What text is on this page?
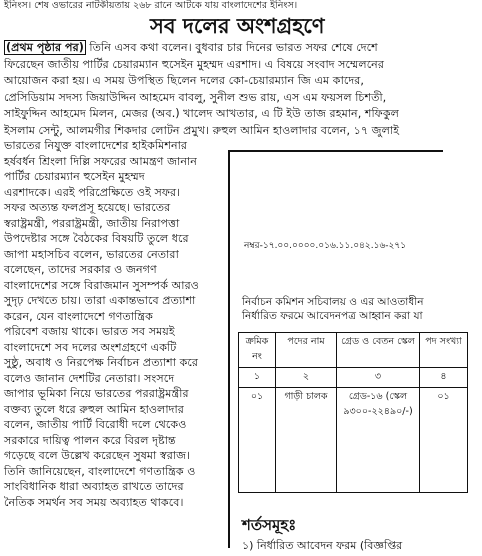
ইনিংস। শেষ ওভারের নাটকীয়তায় ২৬৮ রানে আটকে যায় বাংলাদেশের ইনিংস।
সব দলের অংশগ্রহণে
(প্রথম পৃষ্ঠার পর) তিনি এসব কথা বলেন। বুধবার চার দিনের ভারত সফর শেষে দেশে
ফিরেছেন জাতীয় পার্টির চেয়ারম্যান হুসেইন মুহম্মদ এরশাদ। এ বিষয়ে সংবাদ সম্মেলনের
আয়োজন করা হয়। এ সময় উপস্থিত ছিলেন দলের কো-চেয়ারম্যান জি এম কাদের,
প্রেসিডিয়াম সদস্য জিয়াউদ্দিন আহমেদ বাবলু, সুনীল শুভ রায়, এস এম ফয়সল চিশতী,
সাইফুদ্দিন আহমেদ মিলন, মেজর (অব.) খালেদ আখতার, এ টি ইউ তাজ রহমান, শফিকুল
ইসলাম সেন্টু, আলমগীর শিকদার লোটন প্রমুখ। রুহুল আমিন হাওলাদার বলেন, ১৭ জুলাই
ভারতের নিযুক্ত বাংলাদেশের হাইকমিশনার
হর্ষবর্ধন শ্রিংলা দিল্লি সফরের আমন্ত্রণ জানান
পার্টির চেয়ারম্যান হুসেইন মুহম্মদ
এরশাদকে। এরই পরিপ্রেক্ষিতে ওই সফর।
সফর অত্যন্ত ফলপ্রসূ হয়েছে। ভারতের
স্বরাষ্ট্রমন্ত্রী, পররাষ্ট্রমন্ত্রী, জাতীয় নিরাপত্তা
উপদেষ্টার সঙ্গে বৈঠকের বিষয়টি তুলে ধরে
জাপা মহাসচিব বলেন, ভারতের নেতারা
বলেছেন, তাদের সরকার ও জনগণ
বাংলাদেশের সঙ্গে বিরাজমান সুসম্পর্ক আরও
সুদৃঢ় দেখতে চায়। তারা একান্তভাবে প্রত্যাশা
করেন, যেন বাংলাদেশে গণতান্ত্রিক
পরিবেশ বজায় থাকে। ভারত সব সময়ই
বাংলাদেশে সব দলের অংশগ্রহণে একটি
সুষ্ঠু, অবাধ ও নিরপেক্ষ নির্বাচন প্রত্যাশা করে
বলেও জানান দেশটির নেতারা। সংসদে
জাপার ভূমিকা নিয়ে ভারতের পররাষ্ট্রমন্ত্রীর
বক্তব্য তুলে ধরে রুহুল আমিন হাওলাদার
বলেন, জাতীয় পার্টি বিরোধী দলে থেকেও
সরকারে দায়িত্ব পালন করে বিরল দৃষ্টান্ত
গড়েছে বলে উল্লেখ করেছেন সুষমা স্বরাজ।
তিনি জানিয়েছেন, বাংলাদেশে গণতান্ত্রিক ও
সাংবিধানিক ধারা অব্যাহত রাখতে তাদের
নৈতিক সমর্থন সব সময় অব্যাহত থাকবে।
নম্বর-১৭.০০.০০০০.০১৬.১১.০৪২.১৬-২৭১
নির্বাচন কমিশন সচিবালয় ও এর আওতাধীন
নির্ধারিত ফরমে আবেদনপত্র আহ্বান করা যা
ক্রমিক নং	পদের নাম	গ্রেড ও বেতন স্কেল	পদ সংখ্যা
১	২	৩	৪
০১	গাড়ী চালক	গ্রেড-১৬ (স্কেল ৯৩০০-২২৪৯০/-)	০১
শর্তসমূহঃ
১) নির্ধারিত আবেদন ফরম (বিজ্ঞপ্তির
